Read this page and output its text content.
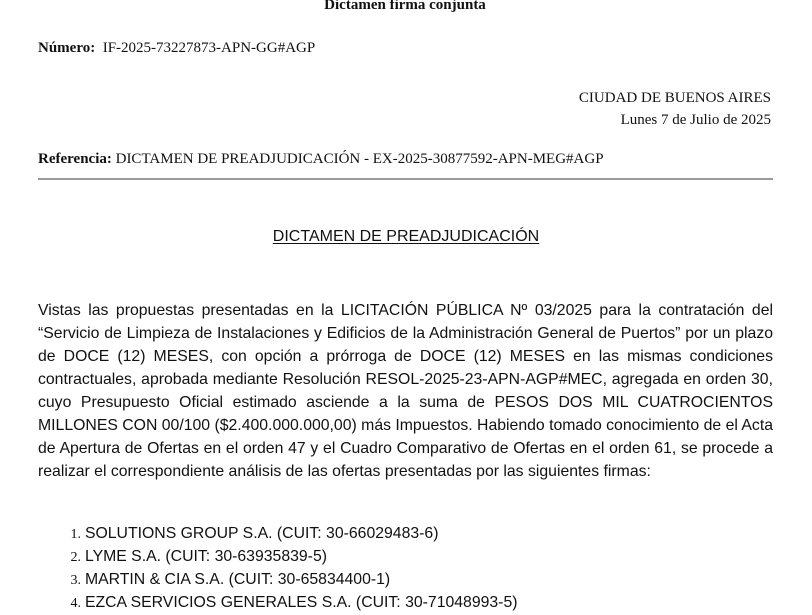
Dictamen firma conjunta
Número: IF-2025-73227873-APN-GG#AGP
CIUDAD DE BUENOS AIRES
Lunes 7 de Julio de 2025
Referencia: DICTAMEN DE PREADJUDICACIÓN - EX-2025-30877592-APN-MEG#AGP
DICTAMEN DE PREADJUDICACIÓN

Vistas las propuestas presentadas en la LICITACIÓN PÚBLICA Nº 03/2025 para la contratación del “Servicio de Limpieza de Instalaciones y Edificios de la Administración General de Puertos” por un plazo de DOCE (12) MESES, con opción a prórroga de DOCE (12) MESES en las mismas condiciones contractuales, aprobada mediante Resolución RESOL-2025-23-APN-AGP#MEC, agregada en orden 30, cuyo Presupuesto Oficial estimado asciende a la suma de PESOS DOS MIL CUATROCIENTOS MILLONES CON 00/100 ($2.400.000.000,00) más Impuestos. Habiendo tomado conocimiento de el Acta de Apertura de Ofertas en el orden 47 y el Cuadro Comparativo de Ofertas en el orden 61, se procede a realizar el correspondiente análisis de las ofertas presentadas por las siguientes firmas:

1. SOLUTIONS GROUP S.A. (CUIT: 30-66029483-6)
2. LYME S.A. (CUIT: 30-63935839-5)
3. MARTIN & CIA S.A. (CUIT: 30-65834400-1)
4. EZCA SERVICIOS GENERALES S.A. (CUIT: 30-71048993-5)
